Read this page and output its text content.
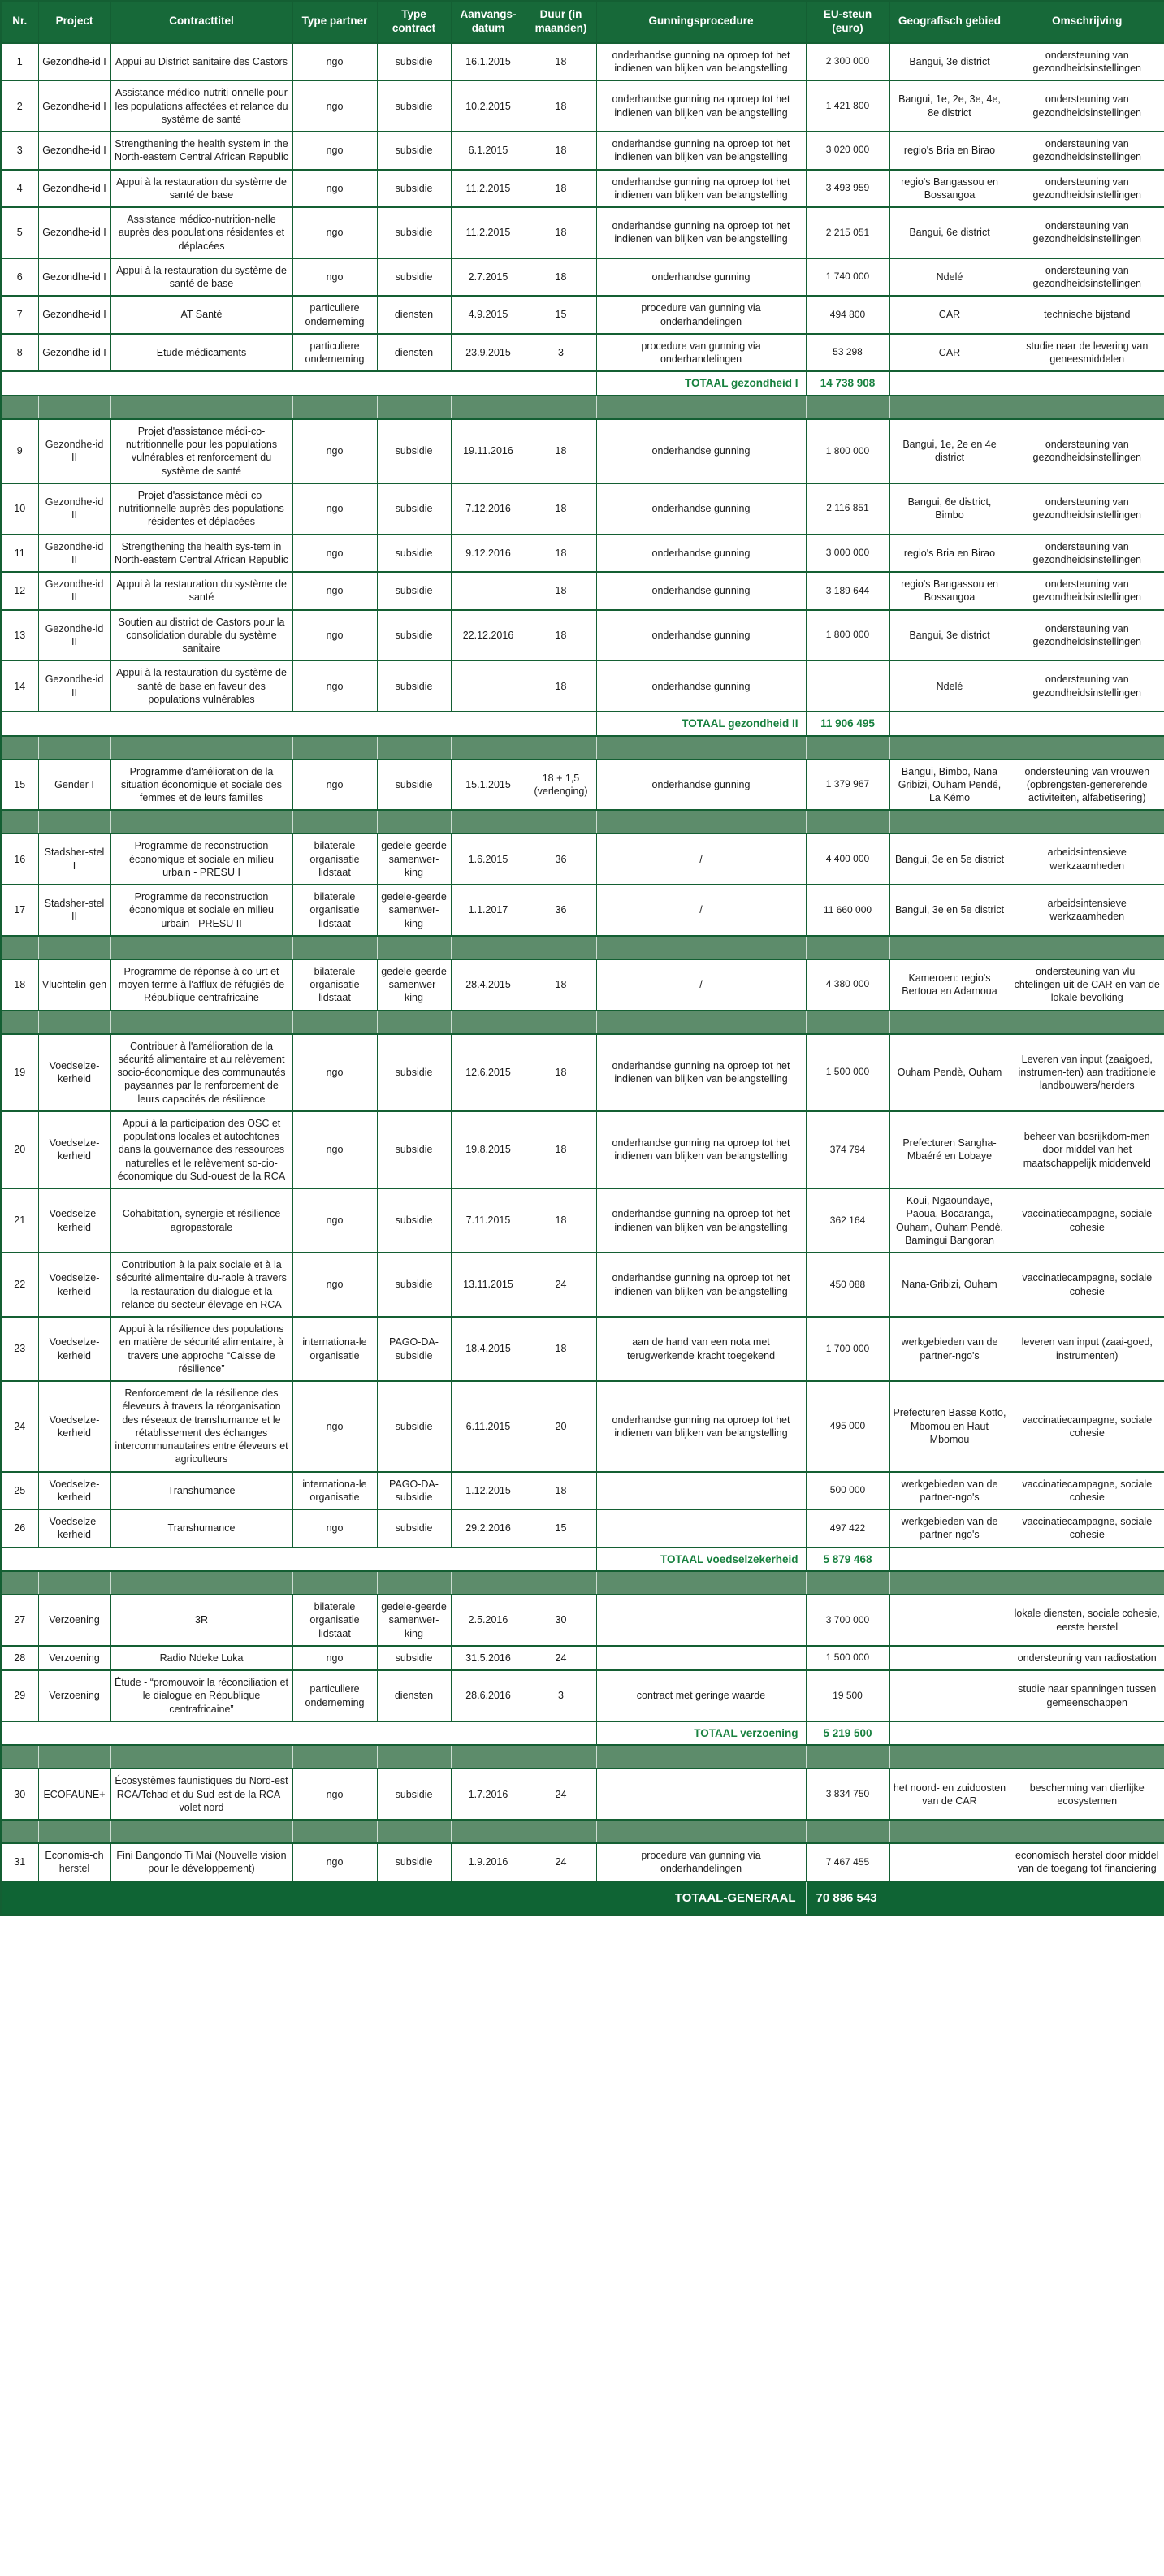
Nr.	Project	Contracttitel	Type partner	Type contract	Aanvangs-datum	Duur (in maanden)	Gunningsprocedure	EU-steun (euro)	Geografisch gebied	Omschrijving
1	Gezondhe-id I	Appui au District sanitaire des Castors	ngo	subsidie	16.1.2015	18	onderhandse gunning na oproep tot het indienen van blijken van belangstelling	2 300 000	Bangui, 3e district	ondersteuning van gezondheidsinstellingen
2	Gezondhe-id I	Assistance médico-nutriti-onnelle pour les populations affectées et relance du système de santé	ngo	subsidie	10.2.2015	18	onderhandse gunning na oproep tot het indienen van blijken van belangstelling	1 421 800	Bangui, 1e, 2e, 3e, 4e, 8e district	ondersteuning van gezondheidsinstellingen
3	Gezondhe-id I	Strengthening the health system in the North-eastern Central African Republic	ngo	subsidie	6.1.2015	18	onderhandse gunning na oproep tot het indienen van blijken van belangstelling	3 020 000	regio's Bria en Birao	ondersteuning van gezondheidsinstellingen
4	Gezondhe-id I	Appui à la restauration du système de santé de base	ngo	subsidie	11.2.2015	18	onderhandse gunning na oproep tot het indienen van blijken van belangstelling	3 493 959	regio's Bangassou en Bossangoa	ondersteuning van gezondheidsinstellingen
5	Gezondhe-id I	Assistance médico-nutrition-nelle auprès des populations résidentes et déplacées	ngo	subsidie	11.2.2015	18	onderhandse gunning na oproep tot het indienen van blijken van belangstelling	2 215 051	Bangui, 6e district	ondersteuning van gezondheidsinstellingen
6	Gezondhe-id I	Appui à la restauration du système de santé de base	ngo	subsidie	2.7.2015	18	onderhandse gunning	1 740 000	Ndelé	ondersteuning van gezondheidsinstellingen
7	Gezondhe-id I	AT Santé	particuliere onderneming	diensten	4.9.2015	15	procedure van gunning via onderhandelingen	494 800	CAR	technische bijstand
8	Gezondhe-id I	Etude médicaments	particuliere onderneming	diensten	23.9.2015	3	procedure van gunning via onderhandelingen	53 298	CAR	studie naar de levering van geneesmiddelen
							TOTAAL gezondheid I	14 738 908		

9	Gezondhe-id II	Projet d'assistance médi-co-nutritionnelle pour les populations vulnérables et renforcement du système de santé	ngo	subsidie	19.11.2016	18	onderhandse gunning	1 800 000	Bangui, 1e, 2e en 4e district	ondersteuning van gezondheidsinstellingen
10	Gezondhe-id II	Projet d'assistance médi-co-nutritionnelle auprès des populations résidentes et déplacées	ngo	subsidie	7.12.2016	18	onderhandse gunning	2 116 851	Bangui, 6e district, Bimbo	ondersteuning van gezondheidsinstellingen
11	Gezondhe-id II	Strengthening the health sys-tem in North-eastern Central African Republic	ngo	subsidie	9.12.2016	18	onderhandse gunning	3 000 000	regio's Bria en Birao	ondersteuning van gezondheidsinstellingen
12	Gezondhe-id II	Appui à la restauration du système de santé	ngo	subsidie		18	onderhandse gunning	3 189 644	regio's Bangassou en Bossangoa	ondersteuning van gezondheidsinstellingen
13	Gezondhe-id II	Soutien au district de Castors pour la consolidation durable du système sanitaire	ngo	subsidie	22.12.2016	18	onderhandse gunning	1 800 000	Bangui, 3e district	ondersteuning van gezondheidsinstellingen
14	Gezondhe-id II	Appui à la restauration du système de santé de base en faveur des populations vulnérables	ngo	subsidie		18	onderhandse gunning		Ndelé	ondersteuning van gezondheidsinstellingen
							TOTAAL gezondheid II	11 906 495		

15	Gender I	Programme d'amélioration de la situation économique et sociale des femmes et de leurs familles	ngo	subsidie	15.1.2015	18 + 1,5 (verlenging)	onderhandse gunning	1 379 967	Bangui, Bimbo, Nana Gribizi, Ouham Pendé, La Kémo	ondersteuning van vrouwen (opbrengsten-genererende activiteiten, alfabetisering)

16	Stadsher-stel I	Programme de reconstruction économique et sociale en milieu urbain - PRESU I	bilaterale organisatie lidstaat	gedele-geerde samenwer-king	1.6.2015	36	/	4 400 000	Bangui, 3e en 5e district	arbeidsintensieve werkzaamheden
17	Stadsher-stel II	Programme de reconstruction économique et sociale en milieu urbain - PRESU II	bilaterale organisatie lidstaat	gedele-geerde samenwer-king	1.1.2017	36	/	11 660 000	Bangui, 3e en 5e district	arbeidsintensieve werkzaamheden

18	Vluchtelin-gen	Programme de réponse à co-urt et moyen terme à l'afflux de réfugiés de République centrafricaine	bilaterale organisatie lidstaat	gedele-geerde samenwer-king	28.4.2015	18	/	4 380 000	Kameroen: regio's Bertoua en Adamoua	ondersteuning van vlu-chtelingen uit de CAR en van de lokale bevolking

19	Voedselze-kerheid	Contribuer à l'amélioration de la sécurité alimentaire et au relèvement socio-économique des communautés paysannes par le renforcement de leurs capacités de résilience	ngo	subsidie	12.6.2015	18	onderhandse gunning na oproep tot het indienen van blijken van belangstelling	1 500 000	Ouham Pendè, Ouham	Leveren van input (zaaigoed, instrumen-ten) aan traditionele landbouwers/herders
20	Voedselze-kerheid	Appui à la participation des OSC et populations locales et autochtones dans la gouvernance des ressources naturelles et le relèvement so-cio-économique du Sud-ouest de la RCA	ngo	subsidie	19.8.2015	18	onderhandse gunning na oproep tot het indienen van blijken van belangstelling	374 794	Prefecturen Sangha-Mbaéré en Lobaye	beheer van bosrijkdom-men door middel van het maatschappelijk middenveld
21	Voedselze-kerheid	Cohabitation, synergie et résilience agropastorale	ngo	subsidie	7.11.2015	18	onderhandse gunning na oproep tot het indienen van blijken van belangstelling	362 164	Koui, Ngaoundaye, Paoua, Bocaranga, Ouham, Ouham Pendè, Bamingui Bangoran	vaccinatiecampagne, sociale cohesie
22	Voedselze-kerheid	Contribution à la paix sociale et à la sécurité alimentaire du-rable à travers la restauration du dialogue et la relance du secteur élevage en RCA	ngo	subsidie	13.11.2015	24	onderhandse gunning na oproep tot het indienen van blijken van belangstelling	450 088	Nana-Gribizi, Ouham	vaccinatiecampagne, sociale cohesie
23	Voedselze-kerheid	Appui à la résilience des populations en matière de sécurité alimentaire, à travers une approche “Caisse de résilience”	internationa-le organisatie	PAGO-DA-subsidie	18.4.2015	18	aan de hand van een nota met terugwerkende kracht toegekend	1 700 000	werkgebieden van de partner-ngo's	leveren van input (zaai-goed, instrumenten)
24	Voedselze-kerheid	Renforcement de la résilience des éleveurs à travers la réorganisation des réseaux de transhumance et le rétablissement des échanges intercommunautaires entre éleveurs et agriculteurs	ngo	subsidie	6.11.2015	20	onderhandse gunning na oproep tot het indienen van blijken van belangstelling	495 000	Prefecturen Basse Kotto, Mbomou en Haut Mbomou	vaccinatiecampagne, sociale cohesie
25	Voedselze-kerheid	Transhumance	internationa-le organisatie	PAGO-DA-subsidie	1.12.2015	18		500 000	werkgebieden van de partner-ngo's	vaccinatiecampagne, sociale cohesie
26	Voedselze-kerheid	Transhumance	ngo	subsidie	29.2.2016	15		497 422	werkgebieden van de partner-ngo's	vaccinatiecampagne, sociale cohesie
							TOTAAL voedselzekerheid	5 879 468		

27	Verzoening	3R	bilaterale organisatie lidstaat	gedele-geerde samenwer-king	2.5.2016	30		3 700 000		lokale diensten, sociale cohesie, eerste herstel
28	Verzoening	Radio Ndeke Luka	ngo	subsidie	31.5.2016	24		1 500 000		ondersteuning van radiostation
29	Verzoening	Étude - “promouvoir la réconciliation et le dialogue en République centrafricaine”	particuliere onderneming	diensten	28.6.2016	3	contract met geringe waarde	19 500		studie naar spanningen tussen gemeenschappen
							TOTAAL verzoening	5 219 500		

30	ECOFAUNE+	Écosystèmes faunistiques du Nord-est RCA/Tchad et du Sud-est de la RCA - volet nord	ngo	subsidie	1.7.2016	24		3 834 750	het noord- en zuidoosten van de CAR	bescherming van dierlijke ecosystemen

31	Economis-ch herstel	Fini Bangondo Ti Mai (Nouvelle vision pour le développement)	ngo	subsidie	1.9.2016	24	procedure van gunning via onderhandelingen	7 467 455		economisch herstel door middel van de toegang tot financiering
TOTAAL-GENERAAL								70 886 543		
